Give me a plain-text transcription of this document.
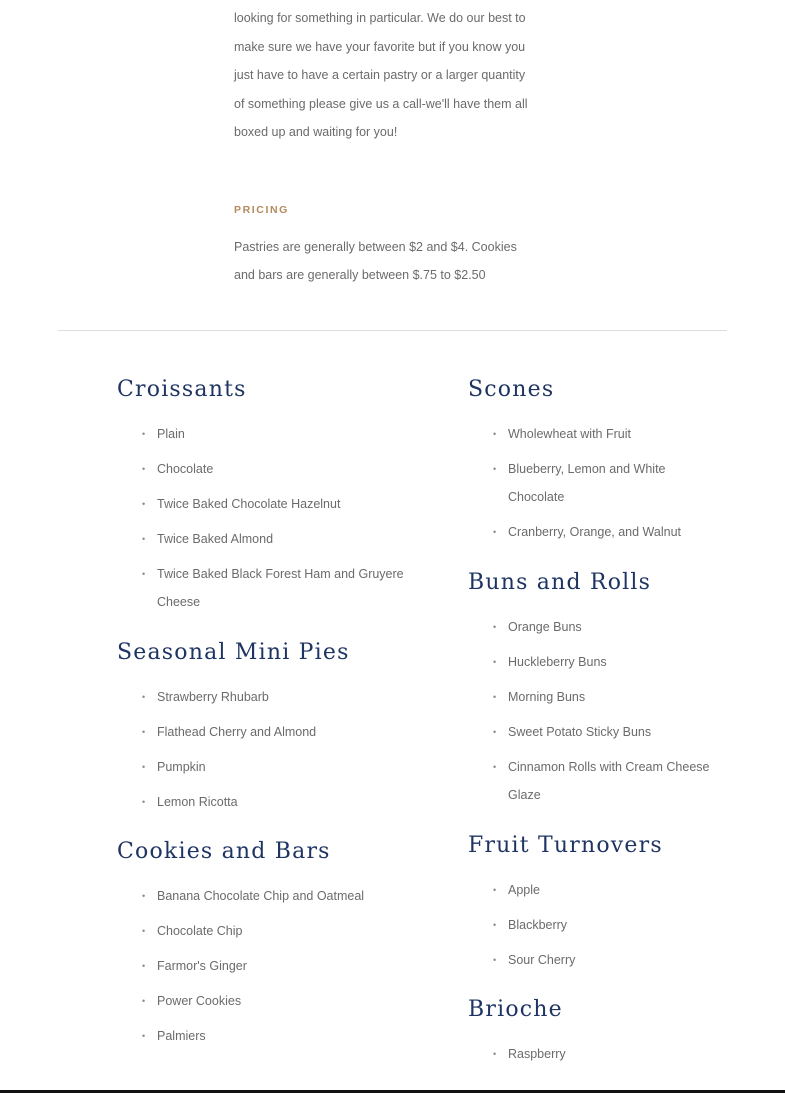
looking for something in particular. We do our best to

make sure we have your favorite but if you know you

just have to have a certain pastry or a larger quantity

of something please give us a call-we'll have them all

boxed up and waiting for you!

PRICING
Pastries are generally between $2 and $4. Cookies
and bars are generally between $.75 to $2.50
Croissants
• Plain
• Chocolate
• Twice Baked Chocolate Hazelnut
• Twice Baked Almond
• Twice Baked Black Forest Ham and Gruyere Cheese
Seasonal Mini Pies
• Strawberry Rhubarb
• Flathead Cherry and Almond
• Pumpkin
• Lemon Ricotta
Cookies and Bars
• Banana Chocolate Chip and Oatmeal
• Chocolate Chip
• Farmor's Ginger
• Power Cookies
• Palmiers
Scones
• Wholewheat with Fruit
• Blueberry, Lemon and White Chocolate
• Cranberry, Orange, and Walnut
Buns and Rolls
• Orange Buns
• Huckleberry Buns
• Morning Buns
• Sweet Potato Sticky Buns
• Cinnamon Rolls with Cream Cheese Glaze
Fruit Turnovers
• Apple
• Blackberry
• Sour Cherry
Brioche
• Raspberry
